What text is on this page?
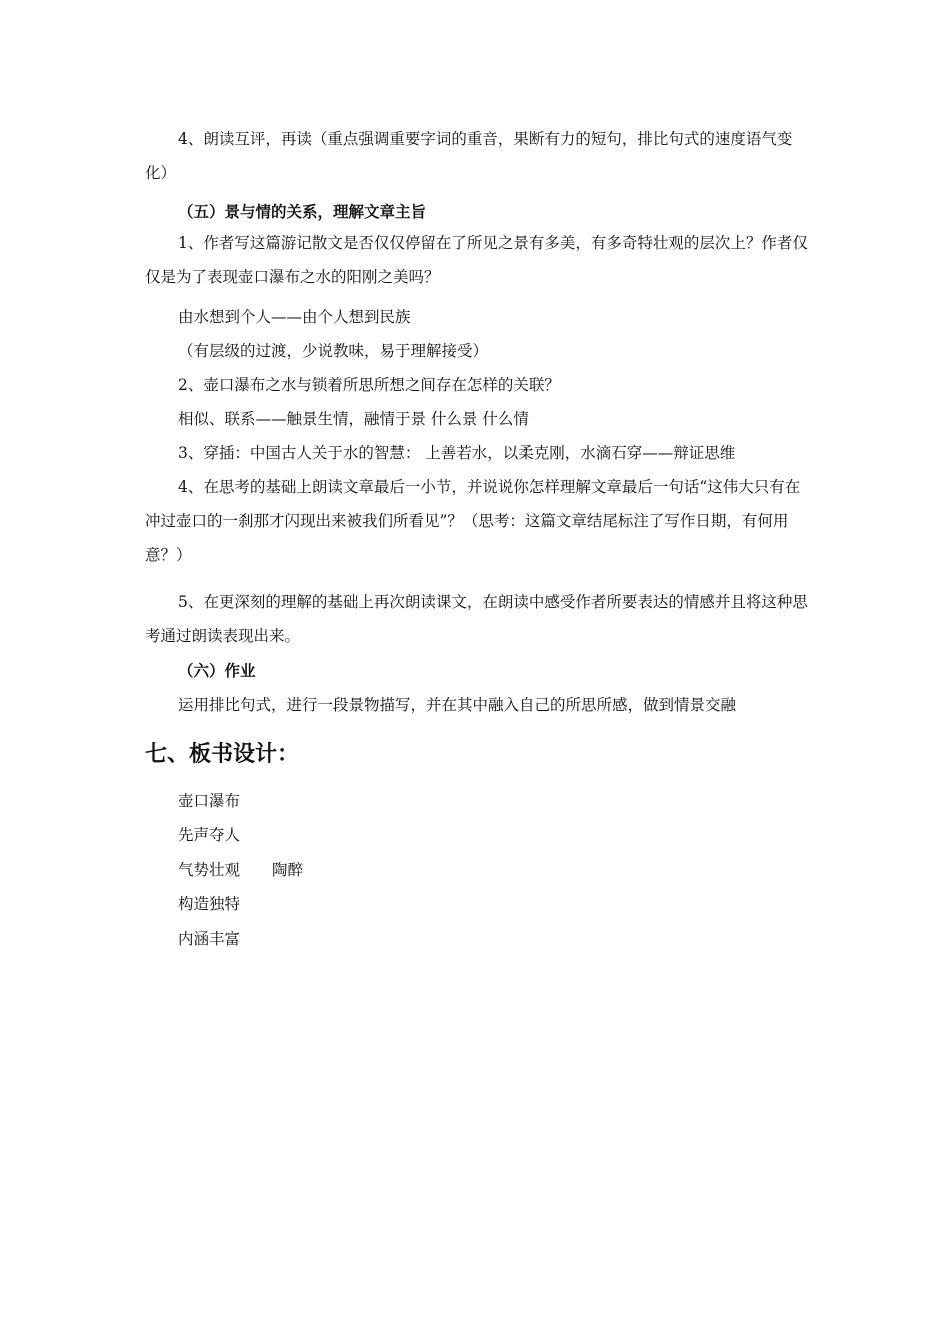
4、朗读互评，再读（重点强调重要字词的重音，果断有力的短句，排比句式的速度语气变化）
（五）景与情的关系，理解文章主旨
1、作者写这篇游记散文是否仅仅停留在了所见之景有多美，有多奇特壮观的层次上？作者仅仅是为了表现壶口瀑布之水的阳刚之美吗？
由水想到个人——由个人想到民族
（有层级的过渡，少说教味，易于理解接受）
2、壶口瀑布之水与锁着所思所想之间存在怎样的关联？
相似、联系——触景生情，融情于景 什么景 什么情
3、穿插：中国古人关于水的智慧： 上善若水，以柔克刚，水滴石穿——辩证思维
4、在思考的基础上朗读文章最后一小节，并说说你怎样理解文章最后一句话“这伟大只有在冲过壶口的一刹那才闪现出来被我们所看见”？（思考：这篇文章结尾标注了写作日期，有何用意？）
5、在更深刻的理解的基础上再次朗读课文，在朗读中感受作者所要表达的情感并且将这种思考通过朗读表现出来。
（六）作业
运用排比句式，进行一段景物描写，并在其中融入自己的所思所感，做到情景交融
七、板书设计：
壶口瀑布
先声夺人
气势壮观 陶醉
构造独特
内涵丰富
